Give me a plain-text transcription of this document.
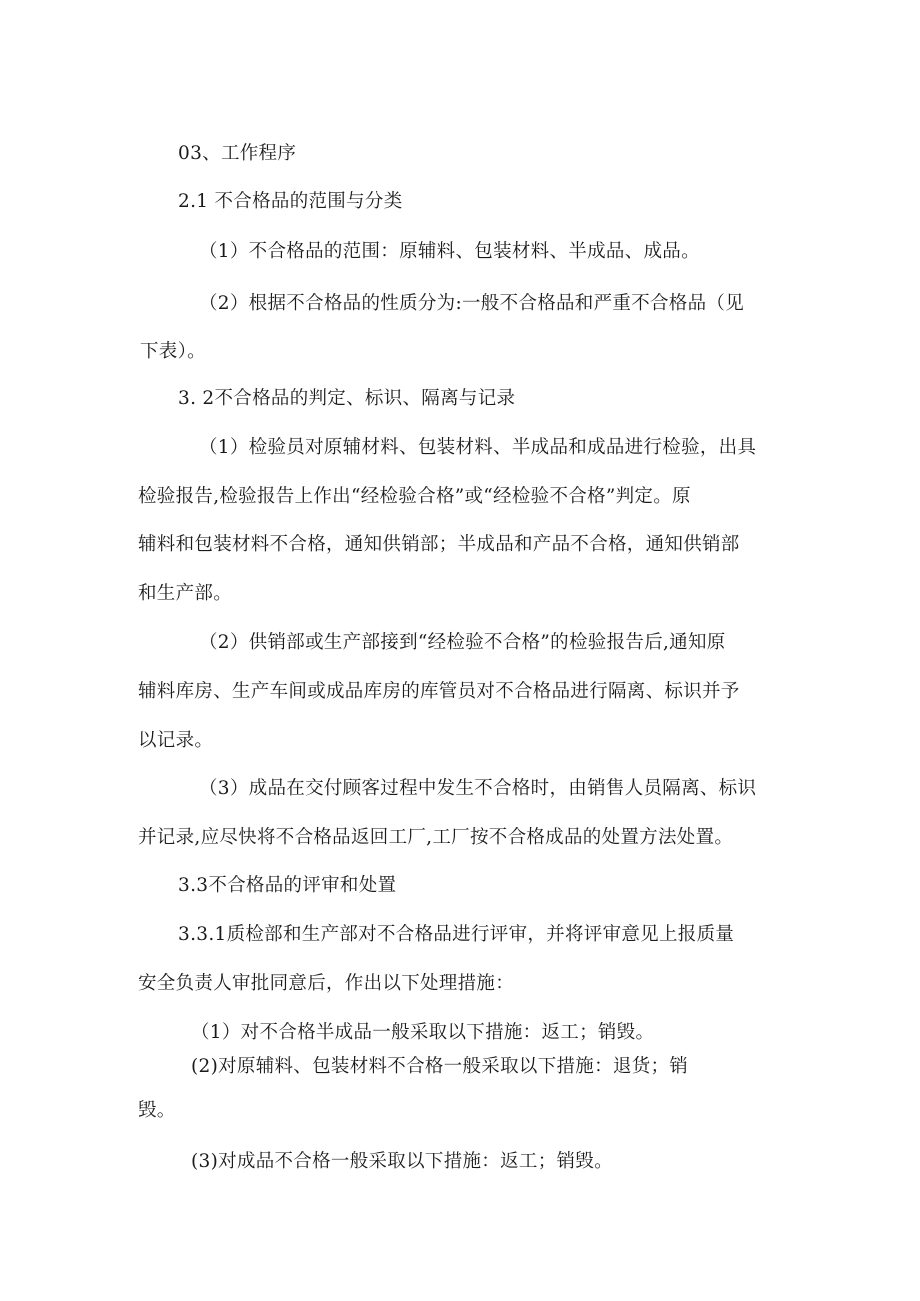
03、工作程序
2.1 不合格品的范围与分类
（1）不合格品的范围：原辅料、包装材料、半成品、成品。
（2）根据不合格品的性质分为:一般不合格品和严重不合格品（见
下表）。
3. 2不合格品的判定、标识、隔离与记录
（1）检验员对原辅材料、包装材料、半成品和成品进行检验，出具
检验报告,检验报告上作出“经检验合格”或“经检验不合格”判定。原
辅料和包装材料不合格，通知供销部；半成品和产品不合格，通知供销部
和生产部。
（2）供销部或生产部接到“经检验不合格”的检验报告后,通知原
辅料库房、生产车间或成品库房的库管员对不合格品进行隔离、标识并予
以记录。
（3）成品在交付顾客过程中发生不合格时，由销售人员隔离、标识
并记录,应尽快将不合格品返回工厂,工厂按不合格成品的处置方法处置。
3.3不合格品的评审和处置
3.3.1质检部和生产部对不合格品进行评审，并将评审意见上报质量
安全负责人审批同意后，作出以下处理措施：
（1）对不合格半成品一般采取以下措施：返工；销毁。
(2)对原辅料、包装材料不合格一般采取以下措施：退货；销
毁。
(3)对成品不合格一般采取以下措施：返工；销毁。
